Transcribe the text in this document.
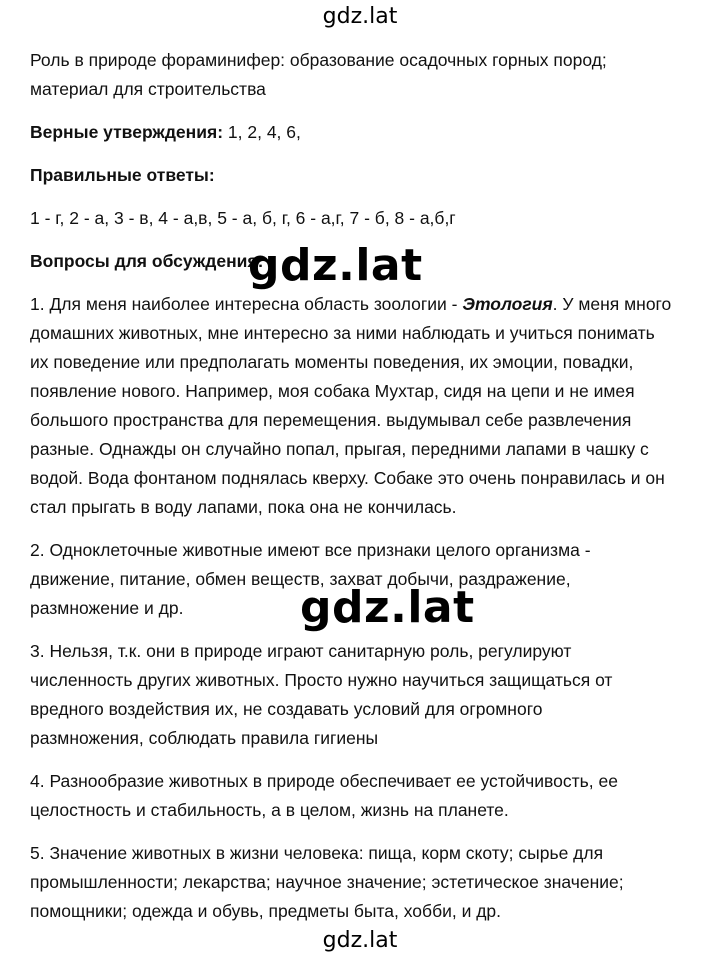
gdz.lat
Роль в природе фораминифер: образование осадочных горных пород;
материал для строительства
Верные утверждения: 1, 2, 4, 6,
Правильные ответы:
1 - г, 2 - а, 3 - в, 4 - а,в, 5 - а, б, г, 6 - а,г, 7 - б, 8 - а,б,г
Вопросы для обсуждения:
1. Для меня наиболее интересна область зоологии - Этология. У меня много
домашних животных, мне интересно за ними наблюдать и учиться понимать
их поведение или предполагать моменты поведения, их эмоции, повадки,
появление нового. Например, моя собака Мухтар, сидя на цепи и не имея
большого пространства для перемещения. выдумывал себе развлечения
разные. Однажды он случайно попал, прыгая, передними лапами в чашку с
водой. Вода фонтаном поднялась кверху. Собаке это очень понравилась и он
стал прыгать в воду лапами, пока она не кончилась.
2. Одноклеточные животные имеют все признаки целого организма -
движение, питание, обмен веществ, захват добычи, раздражение,
размножение и др.
3. Нельзя, т.к. они в природе играют санитарную роль, регулируют
численность других животных. Просто нужно научиться защищаться от
вредного воздействия их, не создавать условий для огромного
размножения, соблюдать правила гигиены
4. Разнообразие животных в природе обеспечивает ее устойчивость, ее
целостность и стабильность, а в целом, жизнь на планете.
5. Значение животных в жизни человека: пища, корм скоту; сырье для
промышленности; лекарства; научное значение; эстетическое значение;
помощники; одежда и обувь, предметы быта, хобби, и др.
gdz.lat
gdz.lat
gdz.lat
